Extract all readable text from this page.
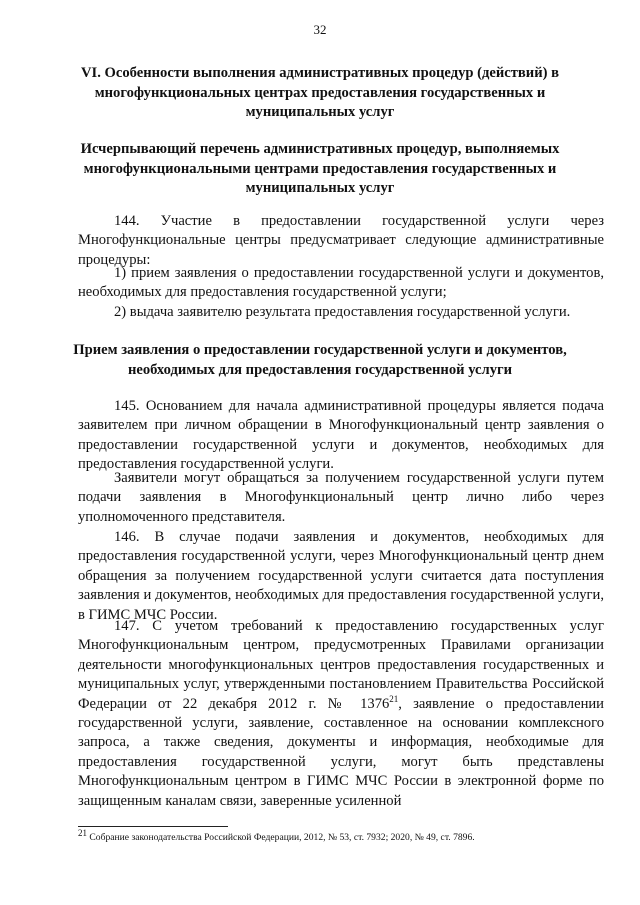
32
VI. Особенности выполнения административных процедур (действий) в многофункциональных центрах предоставления государственных и муниципальных услуг
Исчерпывающий перечень административных процедур, выполняемых многофункциональными центрами предоставления государственных и муниципальных услуг
144. Участие в предоставлении государственной услуги через Многофункциональные центры предусматривает следующие административные процедуры:
1) прием заявления о предоставлении государственной услуги и документов, необходимых для предоставления государственной услуги;
2) выдача заявителю результата предоставления государственной услуги.
Прием заявления о предоставлении государственной услуги и документов, необходимых для предоставления государственной услуги
145. Основанием для начала административной процедуры является подача заявителем при личном обращении в Многофункциональный центр заявления о предоставлении государственной услуги и документов, необходимых для предоставления государственной услуги.
Заявители могут обращаться за получением государственной услуги путем подачи заявления в Многофункциональный центр лично либо через уполномоченного представителя.
146. В случае подачи заявления и документов, необходимых для предоставления государственной услуги, через Многофункциональный центр днем обращения за получением государственной услуги считается дата поступления заявления и документов, необходимых для предоставления государственной услуги, в ГИМС МЧС России.
147. С учетом требований к предоставлению государственных услуг Многофункциональным центром, предусмотренных Правилами организации деятельности многофункциональных центров предоставления государственных и муниципальных услуг, утвержденными постановлением Правительства Российской Федерации от 22 декабря 2012 г. № 1376$^{21}$, заявление о предоставлении государственной услуги, заявление, составленное на основании комплексного запроса, а также сведения, документы и информация, необходимые для предоставления государственной услуги, могут быть представлены Многофункциональным центром в ГИМС МЧС России в электронной форме по защищенным каналам связи, заверенные усиленной
$^{21}$ Собрание законодательства Российской Федерации, 2012, № 53, ст. 7932; 2020, № 49, ст. 7896.
